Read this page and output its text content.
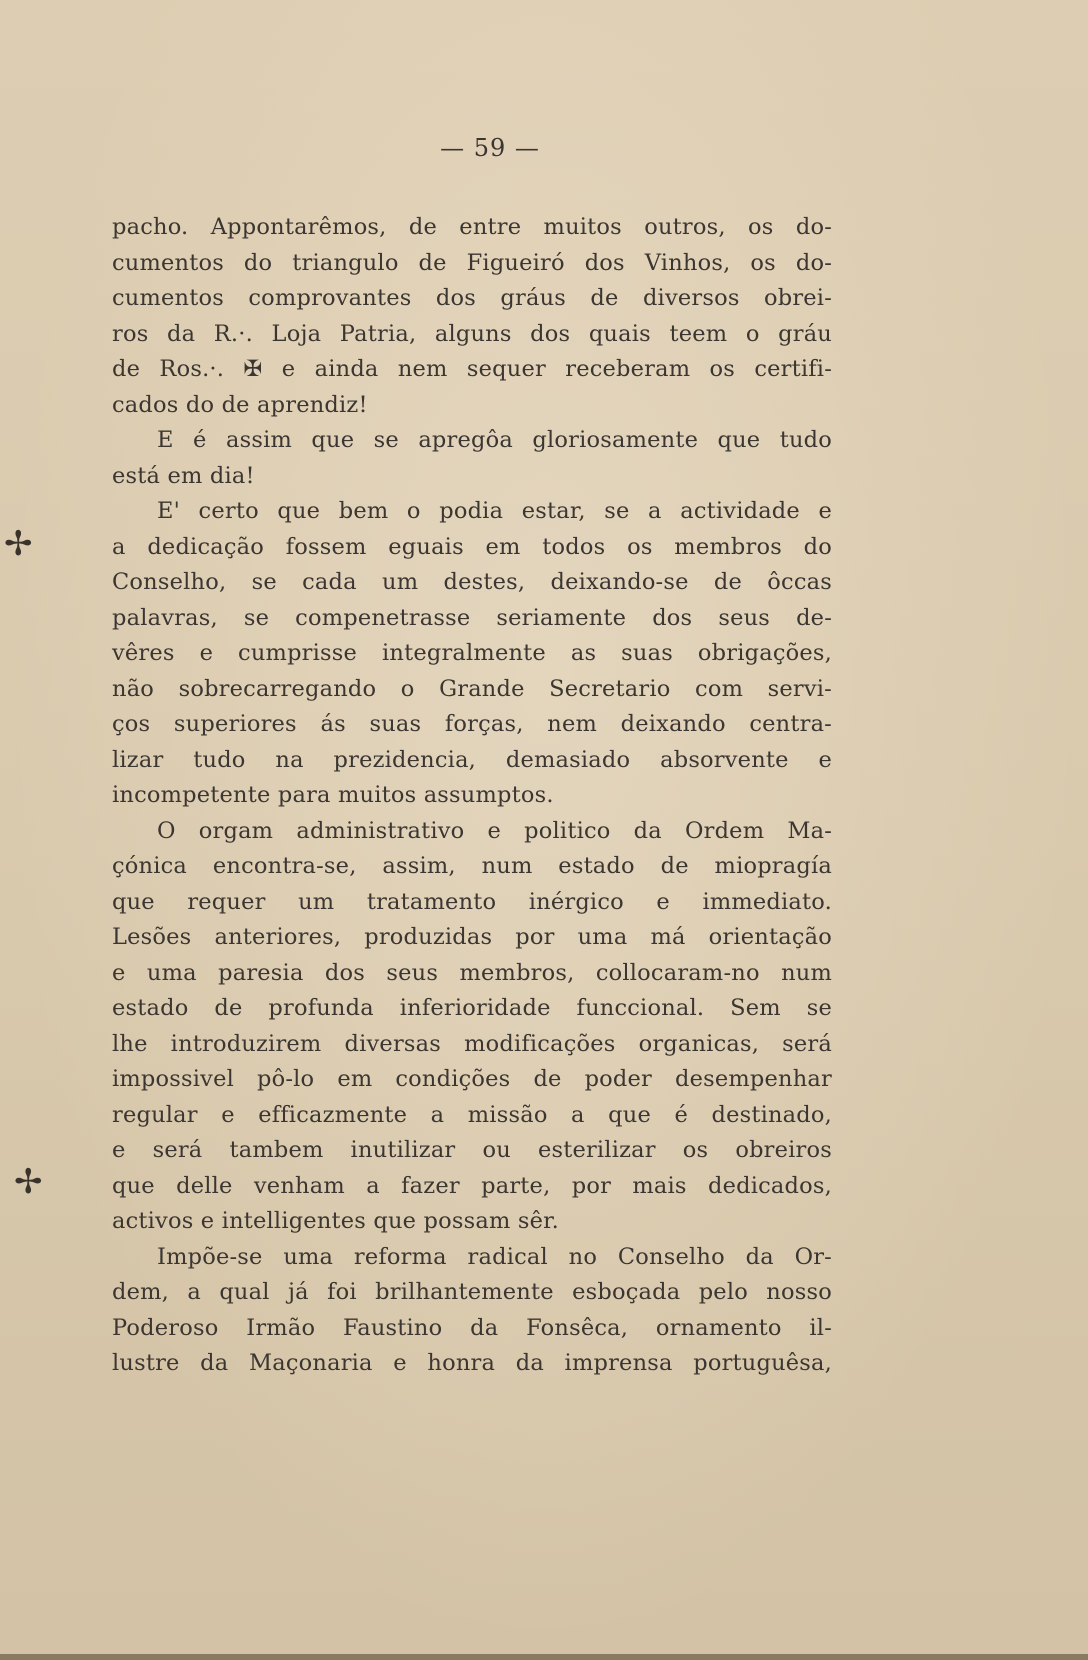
— 59 —
✢
✢
pacho. Appontarêmos, de entre muitos outros, os do-
cumentos do triangulo de Figueiró dos Vinhos, os do-
cumentos comprovantes dos gráus de diversos obrei-
ros da R.·. Loja Patria, alguns dos quais teem o gráu
de Ros.·. ✠ e ainda nem sequer receberam os certifi-
cados do de aprendiz!
E é assim que se apregôa gloriosamente que tudo
está em dia!
E' certo que bem o podia estar, se a actividade e
a dedicação fossem eguais em todos os membros do
Conselho, se cada um destes, deixando-se de ôccas
palavras, se compenetrasse seriamente dos seus de-
vêres e cumprisse integralmente as suas obrigações,
não sobrecarregando o Grande Secretario com servi-
ços superiores ás suas forças, nem deixando centra-
lizar tudo na prezidencia, demasiado absorvente e
incompetente para muitos assumptos.
O orgam administrativo e politico da Ordem Ma-
çónica encontra-se, assim, num estado de miopragía
que requer um tratamento inérgico e immediato.
Lesões anteriores, produzidas por uma má orientação
e uma paresia dos seus membros, collocaram-no num
estado de profunda inferioridade funccional. Sem se
lhe introduzirem diversas modificações organicas, será
impossivel pô-lo em condições de poder desempenhar
regular e efficazmente a missão a que é destinado,
e será tambem inutilizar ou esterilizar os obreiros
que delle venham a fazer parte, por mais dedicados,
activos e intelligentes que possam sêr.
Impõe-se uma reforma radical no Conselho da Or-
dem, a qual já foi brilhantemente esboçada pelo nosso
Poderoso Irmão Faustino da Fonsêca, ornamento il-
lustre da Maçonaria e honra da imprensa portuguêsa,
